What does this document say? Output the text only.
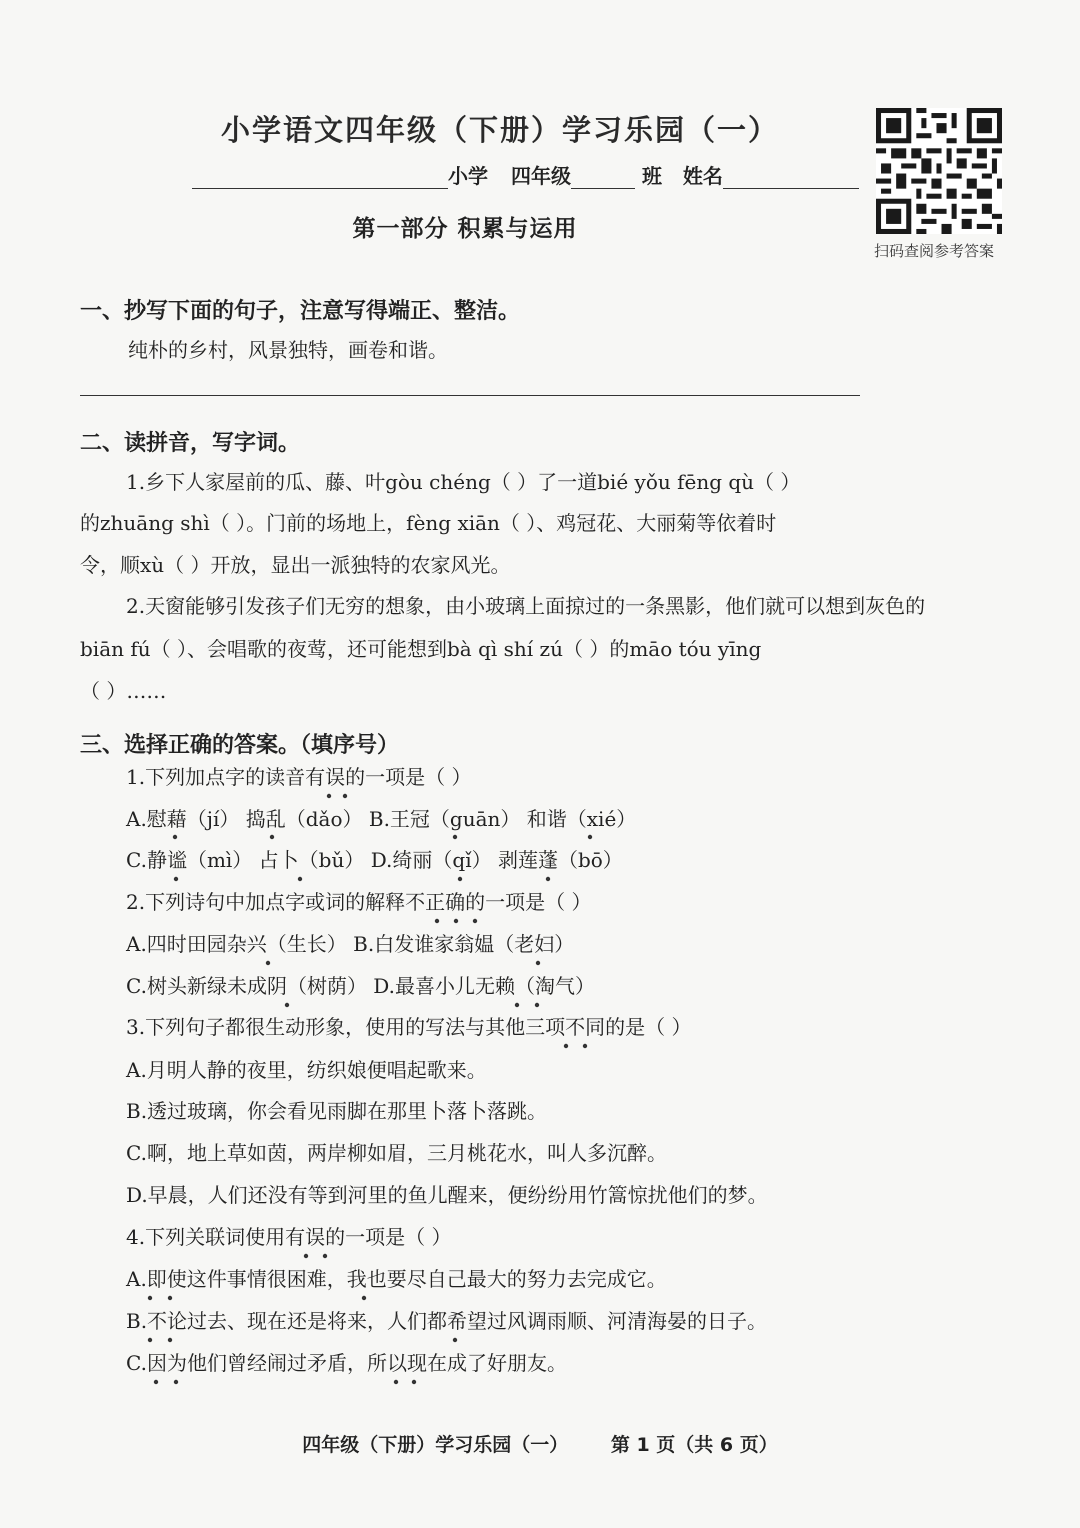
小学语文四年级（下册）学习乐园（一）
小学 四年级	班 姓名
第一部分 积累与运用
扫码查阅参考答案
一、抄写下面的句子，注意写得端正、整洁。
纯朴的乡村，风景独特，画卷和谐。
二、读拼音，写字词。
1.乡下人家屋前的瓜、藤、叶gòu chéng（ ）了一道bié yǒu fēng qù（ ）
的zhuāng shì（ ）。门前的场地上，fèng xiān（ ）、鸡冠花、大丽菊等依着时
令，顺xù（ ）开放，显出一派独特的农家风光。
2.天窗能够引发孩子们无穷的想象，由小玻璃上面掠过的一条黑影，他们就可以想到灰色的
biān fú（ ）、会唱歌的夜莺，还可能想到bà qì shí zú（ ）的māo tóu yīng
（ ）……
三、选择正确的答案。（填序号）
1.下列加点字的读音有误的一项是（ ）
A.慰藉（jí） 捣乱（dǎo） B.王冠（guān） 和谐（xié）
C.静谧（mì） 占卜（bǔ） D.绮丽（qǐ） 剥莲蓬（bō）
2.下列诗句中加点字或词的解释不正确的一项是（ ）
A.四时田园杂兴（生长） B.白发谁家翁媪（老妇）
C.树头新绿未成阴（树荫） D.最喜小儿无赖（淘气）
3.下列句子都很生动形象，使用的写法与其他三项不同的是（ ）
A.月明人静的夜里，纺织娘便唱起歌来。
B.透过玻璃，你会看见雨脚在那里卜落卜落跳。
C.啊，地上草如茵，两岸柳如眉，三月桃花水，叫人多沉醉。
D.早晨，人们还没有等到河里的鱼儿醒来，便纷纷用竹篙惊扰他们的梦。
4.下列关联词使用有误的一项是（ ）
A.即使这件事情很困难，我也要尽自己最大的努力去完成它。
B.不论过去、现在还是将来，人们都希望过风调雨顺、河清海晏的日子。
C.因为他们曾经闹过矛盾，所以现在成了好朋友。
四年级（下册）学习乐园（一） 第 1 页（共 6 页）
